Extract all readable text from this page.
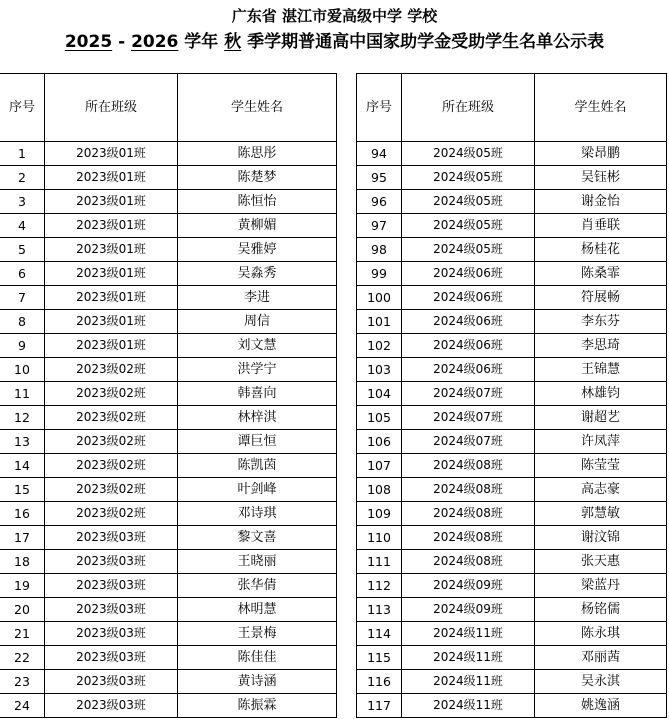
广东省 湛江市爱高级中学 学校
2025 - 2026 学年 秋 季学期普通高中国家助学金受助学生名单公示表
序号	所在班级	学生姓名
1	2023级01班	陈思彤
2	2023级01班	陈楚梦
3	2023级01班	陈恒怡
4	2023级01班	黄柳媚
5	2023级01班	吴雅婷
6	2023级01班	吴淼秀
7	2023级01班	李进
8	2023级01班	周信
9	2023级01班	刘文慧
10	2023级02班	洪学宁
11	2023级02班	韩喜向
12	2023级02班	林梓淇
13	2023级02班	谭巨恒
14	2023级02班	陈凯茵
15	2023级02班	叶剑峰
16	2023级02班	邓诗琪
17	2023级03班	黎文喜
18	2023级03班	王晓丽
19	2023级03班	张华倩
20	2023级03班	林明慧
21	2023级03班	王景梅
22	2023级03班	陈佳佳
23	2023级03班	黄诗涵
24	2023级03班	陈振霖
序号	所在班级	学生姓名
94	2024级05班	梁昂鹏
95	2024级05班	吴钰彬
96	2024级05班	谢金怡
97	2024级05班	肖垂联
98	2024级05班	杨桂花
99	2024级06班	陈桑霏
100	2024级06班	符展畅
101	2024级06班	李东芬
102	2024级06班	李思琦
103	2024级06班	王锦慧
104	2024级07班	林雄钧
105	2024级07班	谢超艺
106	2024级07班	许凤萍
107	2024级08班	陈莹莹
108	2024级08班	高志豪
109	2024级08班	郭慧敏
110	2024级08班	谢汶锦
111	2024级08班	张天惠
112	2024级09班	梁蓝丹
113	2024级09班	杨铭儒
114	2024级11班	陈永琪
115	2024级11班	邓丽茜
116	2024级11班	吴永淇
117	2024级11班	姚逸涵
